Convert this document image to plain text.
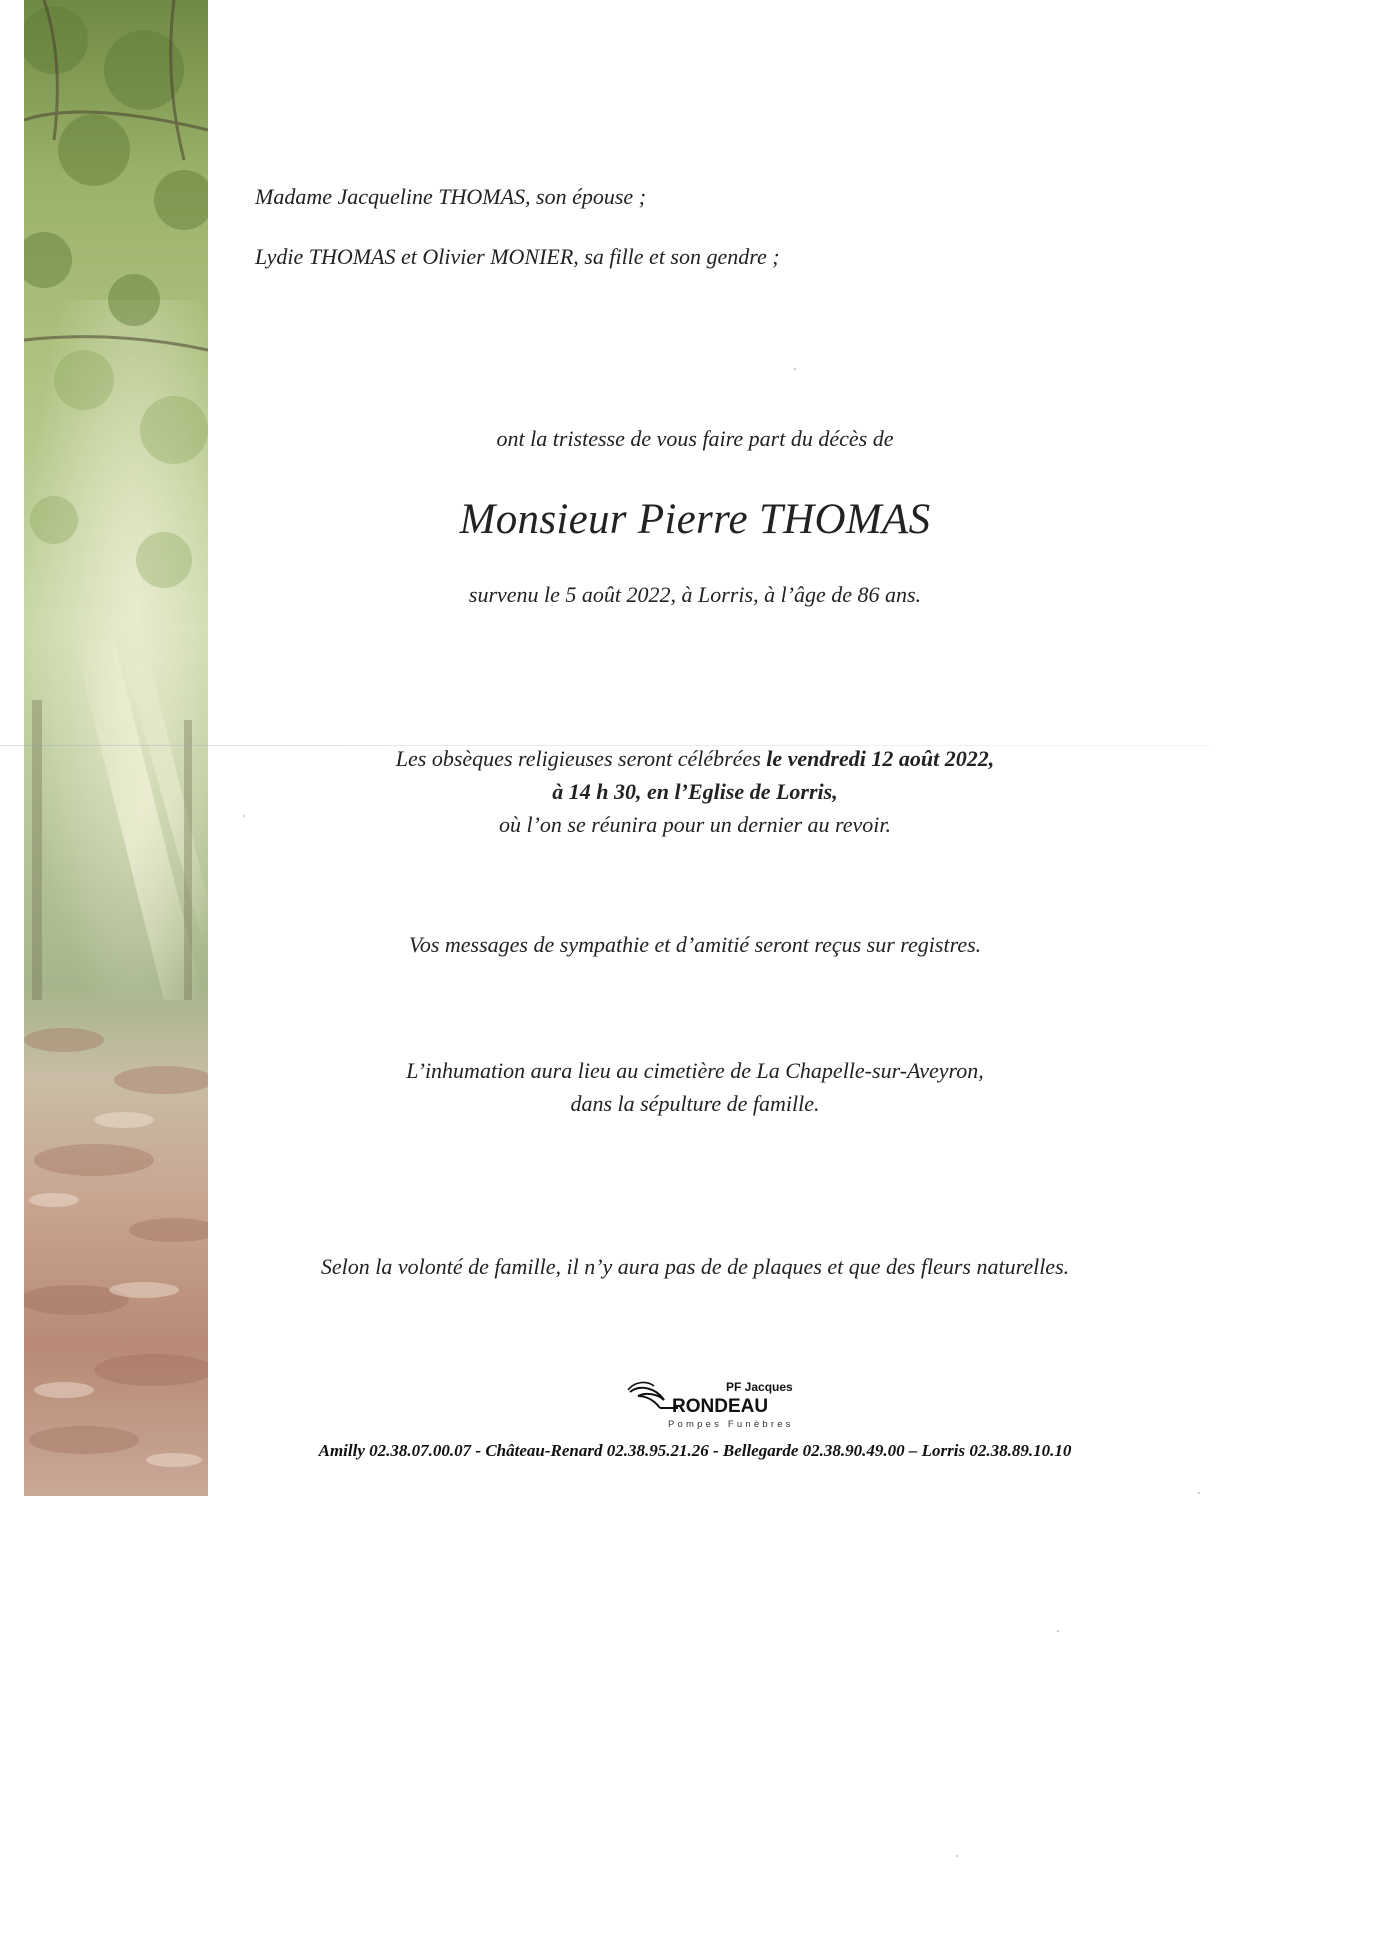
Madame Jacqueline THOMAS, son épouse ;
Lydie THOMAS et Olivier MONIER, sa fille et son gendre ;
ont la tristesse de vous faire part du décès de
Monsieur Pierre THOMAS
survenu le 5 août 2022, à Lorris, à l’âge de 86 ans.
Les obsèques religieuses seront célébrées le vendredi 12 août 2022,
à 14 h 30, en l’Eglise de Lorris,
où l’on se réunira pour un dernier au revoir.
Vos messages de sympathie et d’amitié seront reçus sur registres.
L’inhumation aura lieu au cimetière de La Chapelle-sur-Aveyron,
dans la sépulture de famille.
Selon la volonté de famille, il n’y aura pas de de plaques et que des fleurs naturelles.
PF Jacques
RONDEAU
Pompes Funèbres
Amilly 02.38.07.00.07 - Château-Renard 02.38.95.21.26 - Bellegarde 02.38.90.49.00 – Lorris 02.38.89.10.10
